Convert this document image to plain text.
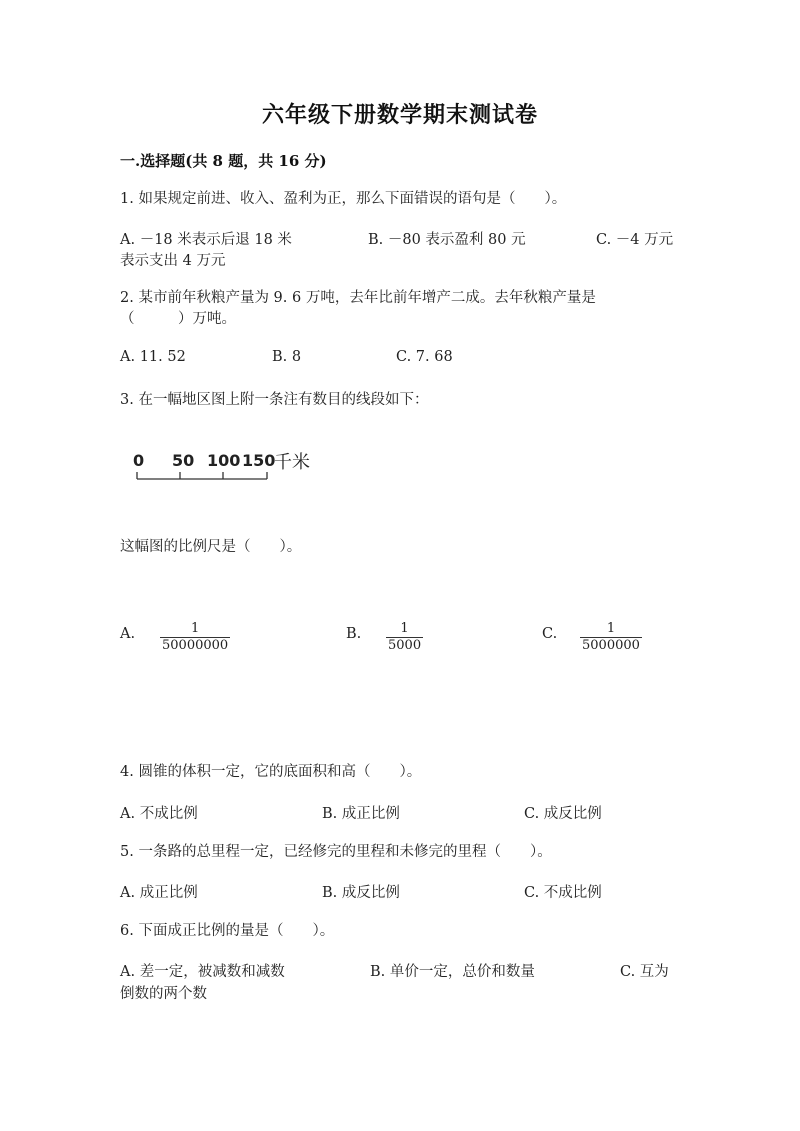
六年级下册数学期末测试卷
一.选择题(共 8 题，共 16 分)
1. 如果规定前进、收入、盈利为正，那么下面错误的语句是（　　）。
A. －18 米表示后退 18 米	B. －80 表示盈利 80 元	C. －4 万元
表示支出 4 万元
2. 某市前年秋粮产量为 9. 6 万吨，去年比前年增产二成。去年秋粮产量是
（　　　）万吨。
A. 11. 52	B. 8	C. 7. 68
3. 在一幅地区图上附一条注有数目的线段如下：
0 50 100 150
千米
这幅图的比例尺是（　　）。
A. $\frac{1}{50000000}$	B. $\frac{1}{5000}$	C. $\frac{1}{5000000}$
4. 圆锥的体积一定，它的底面积和高（　　）。
A. 不成比例	B. 成正比例	C. 成反比例
5. 一条路的总里程一定，已经修完的里程和未修完的里程（　　）。
A. 成正比例	B. 成反比例	C. 不成比例
6. 下面成正比例的量是（　　）。
A. 差一定，被减数和减数	B. 单价一定，总价和数量	C. 互为
倒数的两个数
